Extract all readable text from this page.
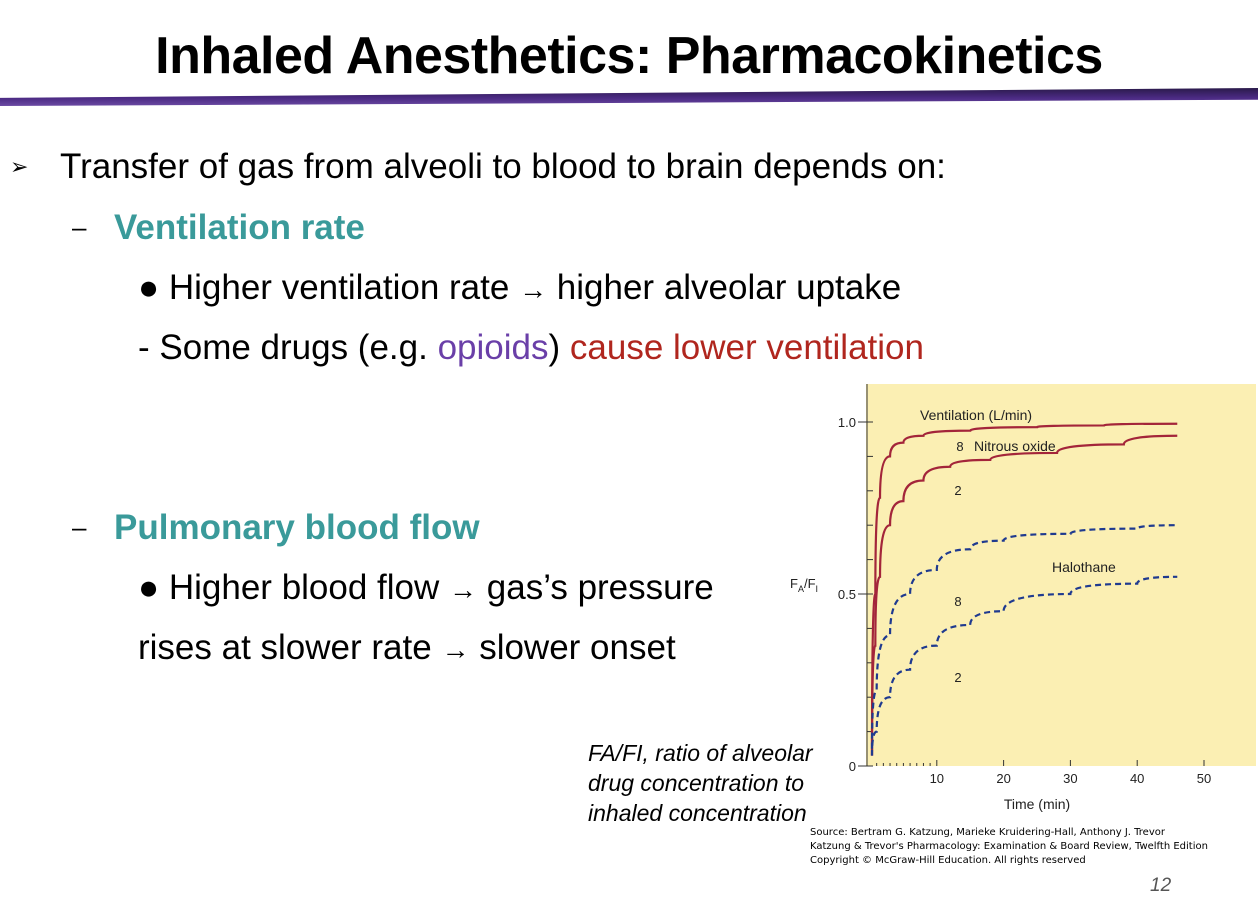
Inhaled Anesthetics: Pharmacokinetics
➢ Transfer of gas from alveoli to blood to brain depends on:
– Ventilation rate
● Higher ventilation rate → higher alveolar uptake
- Some drugs (e.g. opioids) cause lower ventilation
– Pulmonary blood flow
● Higher blood flow → gas’s pressure
rises at slower rate → slower onset
0
0.5
1.0
10	20	30	40	50
Time (min)
$F_A/F_I$
Ventilation (L/min)
8 Nitrous oxide
2
Halothane
8
2
FA/FI, ratio of alveolar drug concentration to inhaled concentration
Source: Bertram G. Katzung, Marieke Kruidering-Hall, Anthony J. Trevor
Katzung & Trevor's Pharmacology: Examination & Board Review, Twelfth Edition
Copyright © McGraw-Hill Education. All rights reserved
12
